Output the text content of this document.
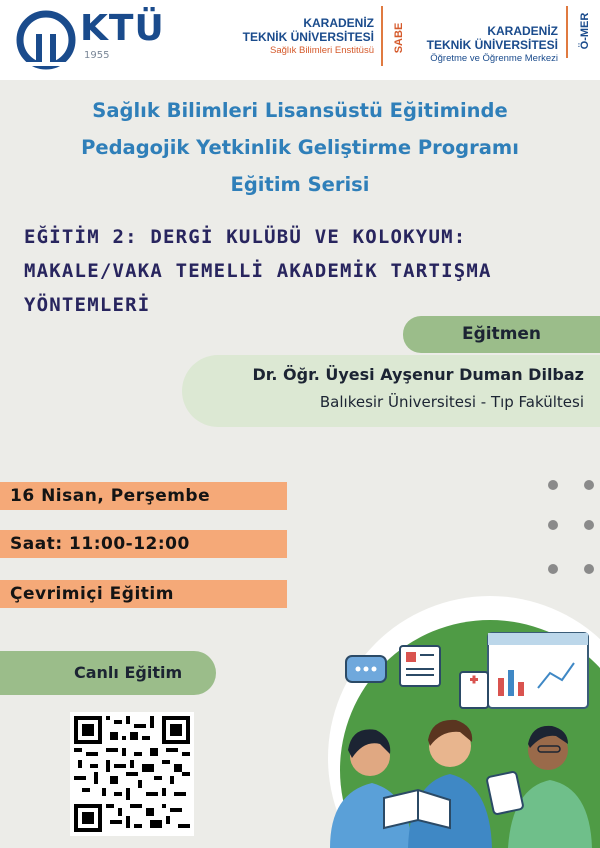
KTÜ
1955
KARADENİZ
TEKNİK ÜNİVERSİTESİ
Sağlık Bilimleri Enstitüsü SABE	KARADENİZ
TEKNİK ÜNİVERSİTESİ
Öğretme ve Öğrenme Merkezi
Ö-MER
Sağlık Bilimleri Lisansüstü Eğitiminde
Pedagojik Yetkinlik Geliştirme Programı
Eğitim Serisi
EĞİTİM 2: DERGİ KULÜBÜ VE KOLOKYUM:
MAKALE/VAKA TEMELLİ AKADEMİK TARTIŞMA
YÖNTEMLERİ
Eğitmen
Dr. Öğr. Üyesi Ayşenur Duman Dilbaz
Balıkesir Üniversitesi - Tıp Fakültesi
16 Nisan, Perşembe
Saat: 11:00-12:00
Çevrimiçi Eğitim
Canlı Eğitim
